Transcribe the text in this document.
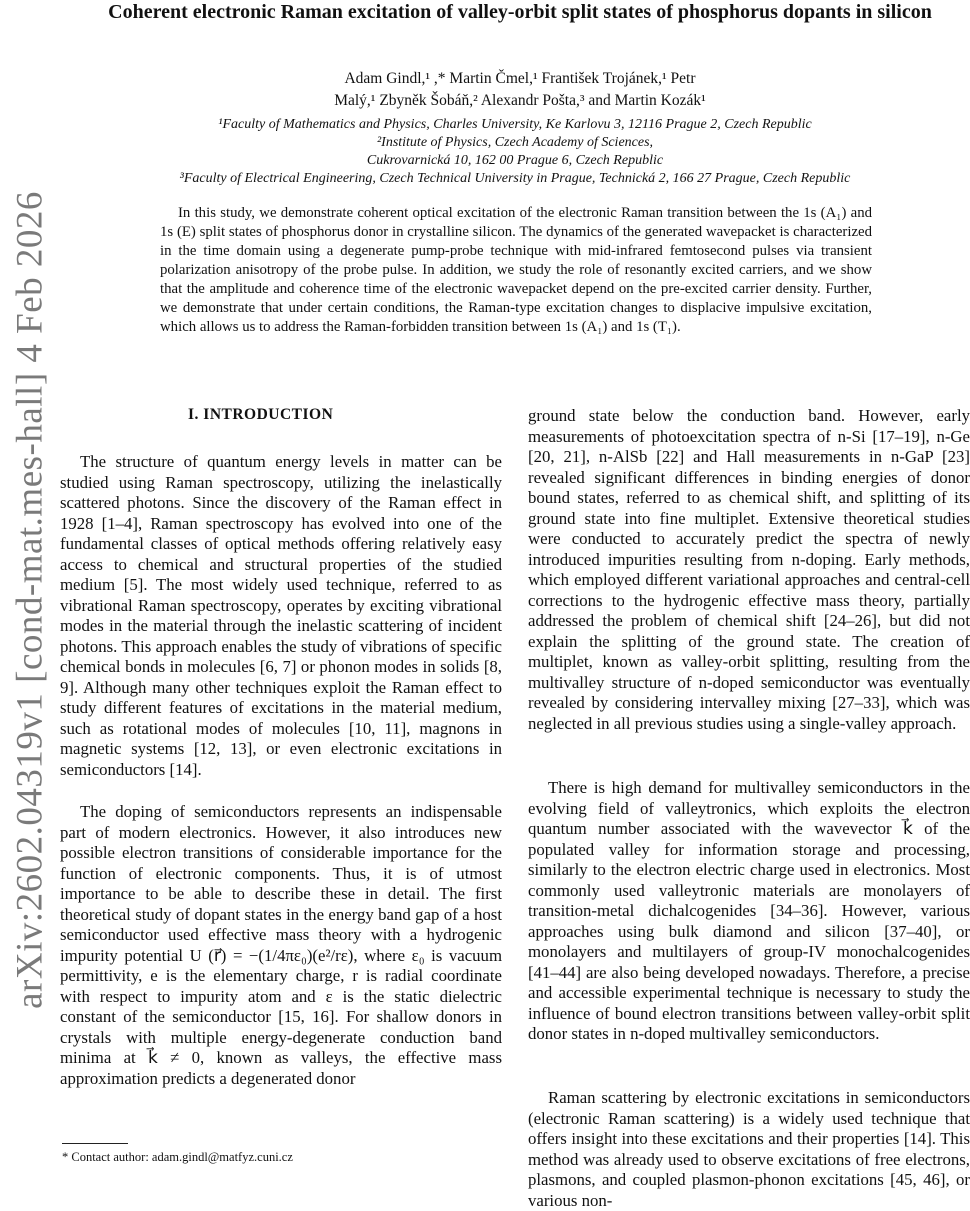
arXiv:2602.04319v1 [cond-mat.mes-hall] 4 Feb 2026
Coherent electronic Raman excitation of valley-orbit split states of phosphorus dopants in silicon
Adam Gindl,¹ ,* Martin Čmel,¹ František Trojánek,¹ Petr
Malý,¹ Zbyněk Šobáň,² Alexandr Pošta,³ and Martin Kozák¹
¹Faculty of Mathematics and Physics, Charles University, Ke Karlovu 3, 12116 Prague 2, Czech Republic
²Institute of Physics, Czech Academy of Sciences,
Cukrovarnická 10, 162 00 Prague 6, Czech Republic
³Faculty of Electrical Engineering, Czech Technical University in Prague, Technická 2, 166 27 Prague, Czech Republic

In this study, we demonstrate coherent optical excitation of the electronic Raman transition between the 1s (A₁) and 1s (E) split states of phosphorus donor in crystalline silicon. The dynamics of the generated wavepacket is characterized in the time domain using a degenerate pump-probe technique with mid-infrared femtosecond pulses via transient polarization anisotropy of the probe pulse. In addition, we study the role of resonantly excited carriers, and we show that the amplitude and coherence time of the electronic wavepacket depend on the pre-excited carrier density. Further, we demonstrate that under certain conditions, the Raman-type excitation changes to displacive impulsive excitation, which allows us to address the Raman-forbidden transition between 1s (A₁) and 1s (T₁).

I. INTRODUCTION

The structure of quantum energy levels in matter can be studied using Raman spectroscopy, utilizing the inelastically scattered photons. Since the discovery of the Raman effect in 1928 [1–4], Raman spectroscopy has evolved into one of the fundamental classes of optical methods offering relatively easy access to chemical and structural properties of the studied medium [5]. The most widely used technique, referred to as vibrational Raman spectroscopy, operates by exciting vibrational modes in the material through the inelastic scattering of incident photons. This approach enables the study of vibrations of specific chemical bonds in molecules [6, 7] or phonon modes in solids [8, 9]. Although many other techniques exploit the Raman effect to study different features of excitations in the material medium, such as rotational modes of molecules [10, 11], magnons in magnetic systems [12, 13], or even electronic excitations in semiconductors [14].

The doping of semiconductors represents an indispensable part of modern electronics. However, it also introduces new possible electron transitions of considerable importance for the function of electronic components. Thus, it is of utmost importance to be able to describe these in detail. The first theoretical study of dopant states in the energy band gap of a host semiconductor used effective mass theory with a hydrogenic impurity potential U (r⃗) = −(1/4πε₀)(e²/rε), where ε₀ is vacuum permittivity, e is the elementary charge, r is radial coordinate with respect to impurity atom and ε is the static dielectric constant of the semiconductor [15, 16]. For shallow donors in crystals with multiple energy-degenerate conduction band minima at k⃗ ≠ 0, known as valleys, the effective mass approximation predicts a degenerated donor

ground state below the conduction band. However, early measurements of photoexcitation spectra of n-Si [17–19], n-Ge [20, 21], n-AlSb [22] and Hall measurements in n-GaP [23] revealed significant differences in binding energies of donor bound states, referred to as chemical shift, and splitting of its ground state into fine multiplet. Extensive theoretical studies were conducted to accurately predict the spectra of newly introduced impurities resulting from n-doping. Early methods, which employed different variational approaches and central-cell corrections to the hydrogenic effective mass theory, partially addressed the problem of chemical shift [24–26], but did not explain the splitting of the ground state. The creation of multiplet, known as valley-orbit splitting, resulting from the multivalley structure of n-doped semiconductor was eventually revealed by considering intervalley mixing [27–33], which was neglected in all previous studies using a single-valley approach.

There is high demand for multivalley semiconductors in the evolving field of valleytronics, which exploits the electron quantum number associated with the wavevector k⃗ of the populated valley for information storage and processing, similarly to the electron electric charge used in electronics. Most commonly used valleytronic materials are monolayers of transition-metal dichalcogenides [34–36]. However, various approaches using bulk diamond and silicon [37–40], or monolayers and multilayers of group-IV monochalcogenides [41–44] are also being developed nowadays. Therefore, a precise and accessible experimental technique is necessary to study the influence of bound electron transitions between valley-orbit split donor states in n-doped multivalley semiconductors.

Raman scattering by electronic excitations in semiconductors (electronic Raman scattering) is a widely used technique that offers insight into these excitations and their properties [14]. This method was already used to observe excitations of free electrons, plasmons, and coupled plasmon-phonon excitations [45, 46], or various non-

* Contact author: adam.gindl@matfyz.cuni.cz
